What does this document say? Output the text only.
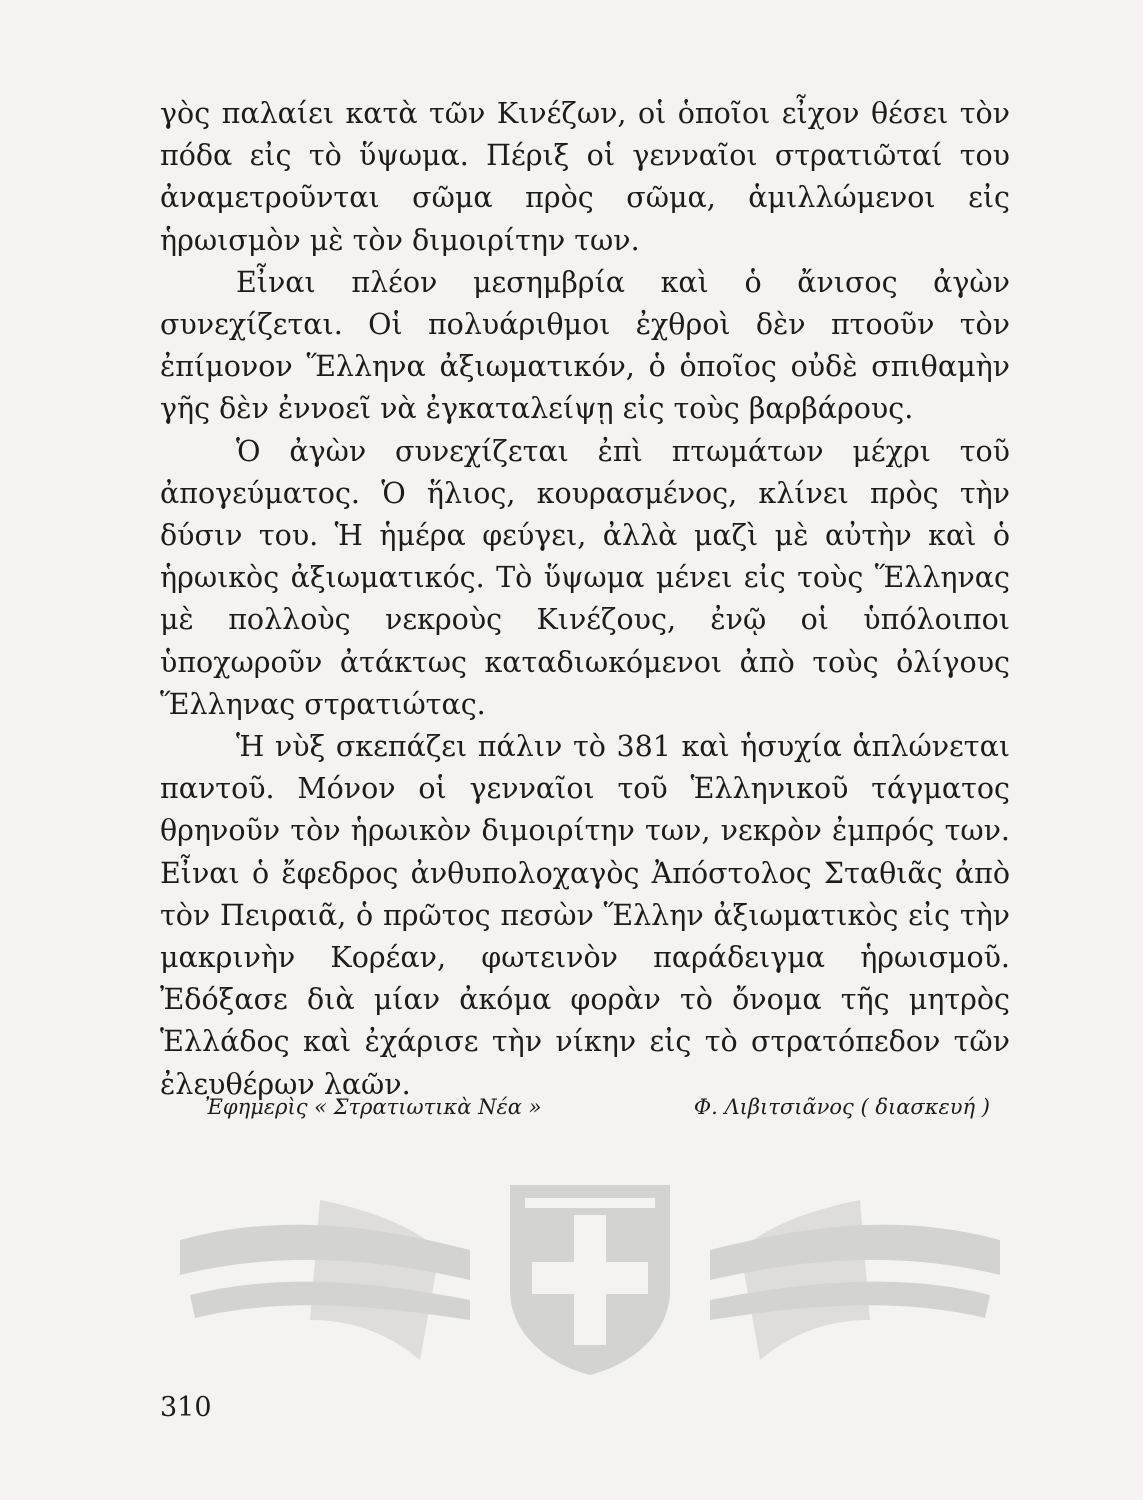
γὸς παλαίει κατὰ τῶν Κινέζων, οἱ ὁποῖοι εἶχον θέσει τὸν πόδα εἰς τὸ ὕψωμα. Πέριξ οἱ γενναῖοι στρατιῶταί του ἀναμετροῦνται σῶμα πρὸς σῶμα, ἁμιλλώμενοι εἰς ἡρωισμὸν μὲ τὸν διμοιρίτην των.

Εἶναι πλέον μεσημβρία καὶ ὁ ἄνισος ἀγὼν συνεχίζεται. Οἱ πολυάριθμοι ἐχθροὶ δὲν πτοοῦν τὸν ἐπίμονον Ἕλληνα ἀξιωματικόν, ὁ ὁποῖος οὐδὲ σπιθαμὴν γῆς δὲν ἐννοεῖ νὰ ἐγκαταλείψῃ εἰς τοὺς βαρβάρους.

Ὁ ἀγὼν συνεχίζεται ἐπὶ πτωμάτων μέχρι τοῦ ἀπογεύματος. Ὁ ἥλιος, κουρασμένος, κλίνει πρὸς τὴν δύσιν του. Ἡ ἡμέρα φεύγει, ἀλλὰ μαζὶ μὲ αὐτὴν καὶ ὁ ἡρωικὸς ἀξιωματικός. Τὸ ὕψωμα μένει εἰς τοὺς Ἕλληνας μὲ πολλοὺς νεκροὺς Κινέζους, ἐνῷ οἱ ὑπόλοιποι ὑποχωροῦν ἀτάκτως καταδιωκόμενοι ἀπὸ τοὺς ὀλίγους Ἕλληνας στρατιώτας.

Ἡ νὺξ σκεπάζει πάλιν τὸ 381 καὶ ἡσυχία ἁπλώνεται παντοῦ. Μόνον οἱ γενναῖοι τοῦ Ἑλληνικοῦ τάγματος θρηνοῦν τὸν ἡρωικὸν διμοιρίτην των, νεκρὸν ἐμπρός των. Εἶναι ὁ ἔφεδρος ἀνθυπολοχαγὸς Ἀπόστολος Σταθιᾶς ἀπὸ τὸν Πειραιᾶ, ὁ πρῶτος πεσὼν Ἕλλην ἀξιωματικὸς εἰς τὴν μακρινὴν Κορέαν, φωτεινὸν παράδειγμα ἡρωισμοῦ. Ἐδόξασε διὰ μίαν ἀκόμα φορὰν τὸ ὄνομα τῆς μητρὸς Ἑλλάδος καὶ ἐχάρισε τὴν νίκην εἰς τὸ στρατόπεδον τῶν ἐλευθέρων λαῶν.

Ἐφημερὶς « Στρατιωτικὰ Νέα »	Φ. Λιβιτσιᾶνος ( διασκευή )
310
